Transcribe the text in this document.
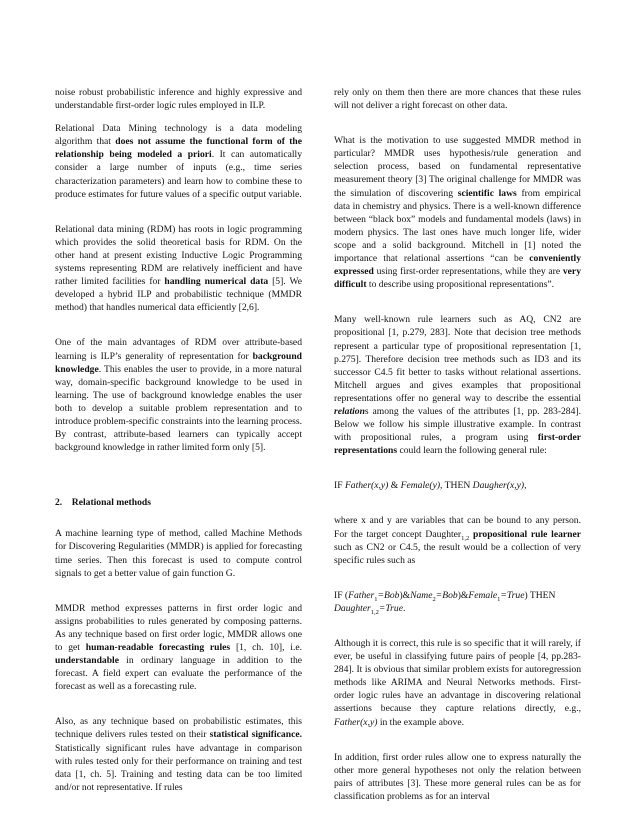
noise robust probabilistic inference and highly expressive and understandable first-order logic rules employed in ILP.

Relational Data Mining technology is a data modeling algorithm that does not assume the functional form of the relationship being modeled a priori. It can automatically consider a large number of inputs (e.g., time series characterization parameters) and learn how to combine these to produce estimates for future values of a specific output variable.

Relational data mining (RDM) has roots in logic programming which provides the solid theoretical basis for RDM. On the other hand at present existing Inductive Logic Programming systems representing RDM are relatively inefficient and have rather limited facilities for handling numerical data [5]. We developed a hybrid ILP and probabilistic technique (MMDR method) that handles numerical data efficiently [2,6].

One of the main advantages of RDM over attribute-based learning is ILP’s generality of representation for background knowledge. This enables the user to provide, in a more natural way, domain-specific background knowledge to be used in learning. The use of background knowledge enables the user both to develop a suitable problem representation and to introduce problem-specific constraints into the learning process. By contrast, attribute-based learners can typically accept background knowledge in rather limited form only [5].

2.    Relational methods

A machine learning type of method, called Machine Methods for Discovering Regularities (MMDR) is applied for forecasting time series. Then this forecast is used to compute control signals to get a better value of gain function G.

MMDR method expresses patterns in first order logic and assigns probabilities to rules generated by composing patterns. As any technique based on first order logic, MMDR allows one to get human-readable forecasting rules [1, ch. 10], i.e. understandable in ordinary language in addition to the forecast. A field expert can evaluate the performance of the forecast as well as a forecasting rule.

Also, as any technique based on probabilistic estimates, this technique delivers rules tested on their statistical significance. Statistically significant rules have advantage in comparison with rules tested only for their performance on training and test data [1, ch. 5]. Training and testing data can be too limited and/or not representative. If rules

rely only on them then there are more chances that these rules will not deliver a right forecast on other data.

What is the motivation to use suggested MMDR method in particular? MMDR uses hypothesis/rule generation and selection process, based on fundamental representative measurement theory [3] The original challenge for MMDR was the simulation of discovering scientific laws from empirical data in chemistry and physics. There is a well-known difference between “black box” models and fundamental models (laws) in modern physics. The last ones have much longer life, wider scope and a solid background. Mitchell in [1] noted the importance that relational assertions “can be conveniently expressed using first-order representations, while they are very difficult to describe using propositional representations”.

Many well-known rule learners such as AQ, CN2 are propositional [1, p.279, 283]. Note that decision tree methods represent a particular type of propositional representation [1, p.275]. Therefore decision tree methods such as ID3 and its successor C4.5 fit better to tasks without relational assertions. Mitchell argues and gives examples that propositional representations offer no general way to describe the essential relations among the values of the attributes [1, pp. 283-284]. Below we follow his simple illustrative example. In contrast with propositional rules, a program using first-order representations could learn the following general rule:

IF Father(x,y) & Female(y), THEN Daugher(x,y),

where x and y are variables that can be bound to any person. For the target concept Daughter$_{1,2}$ propositional rule learner such as CN2 or C4.5, the result would be a collection of very specific rules such as

IF (Father$_1$=Bob)&Name$_2$=Bob)&Female$_1$=True) THEN
Daughter$_{1,2}$=True.

Although it is correct, this rule is so specific that it will rarely, if ever, be useful in classifying future pairs of people [4, pp.283-284]. It is obvious that similar problem exists for autoregression methods like ARIMA and Neural Networks methods. First-order logic rules have an advantage in discovering relational assertions because they capture relations directly, e.g., Father(x,y) in the example above.

In addition, first order rules allow one to express naturally the other more general hypotheses not only the relation between pairs of attributes [3]. These more general rules can be as for classification problems as for an interval
